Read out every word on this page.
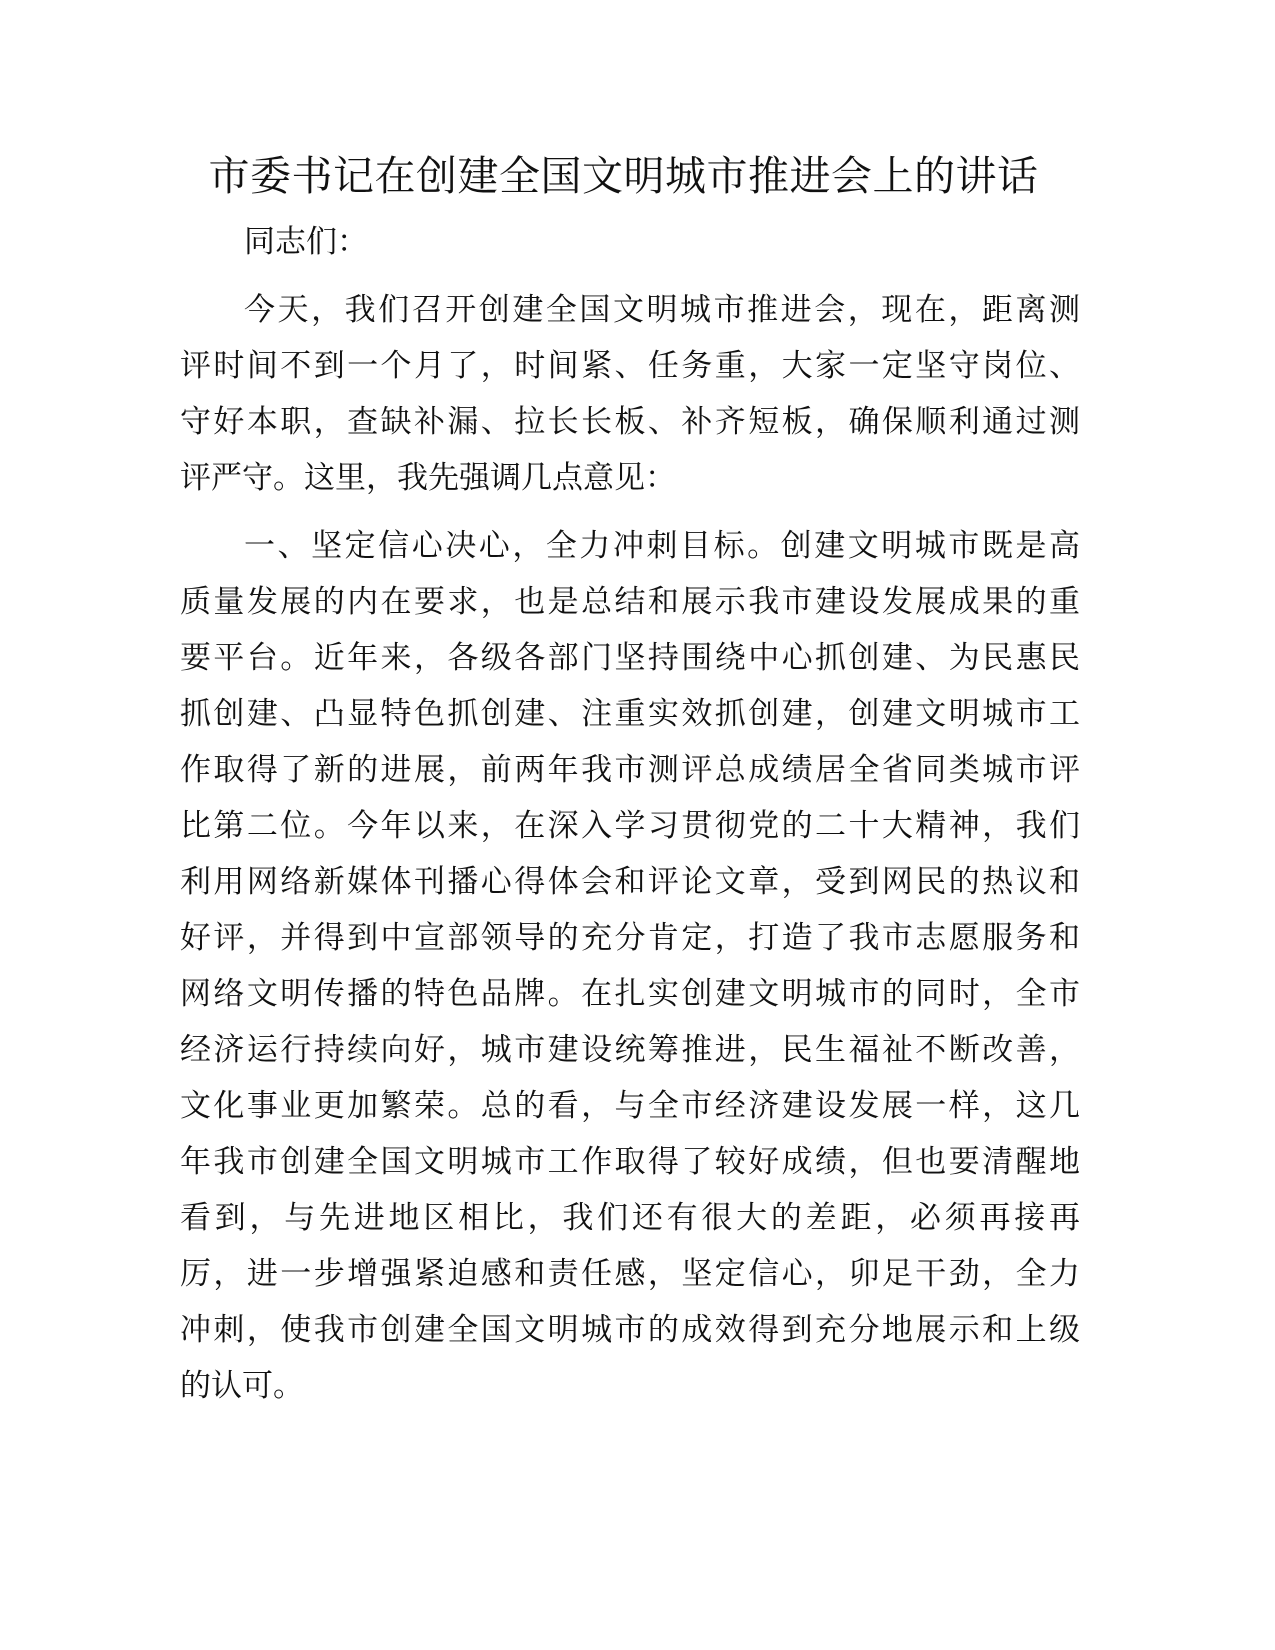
市委书记在创建全国文明城市推进会上的讲话
同志们：
今天，我们召开创建全国文明城市推进会，现在，距离测
评时间不到一个月了，时间紧、任务重，大家一定坚守岗位、
守好本职，查缺补漏、拉长长板、补齐短板，确保顺利通过测
评严守。这里，我先强调几点意见：
一、坚定信心决心，全力冲刺目标。创建文明城市既是高
质量发展的内在要求，也是总结和展示我市建设发展成果的重
要平台。近年来，各级各部门坚持围绕中心抓创建、为民惠民
抓创建、凸显特色抓创建、注重实效抓创建，创建文明城市工
作取得了新的进展，前两年我市测评总成绩居全省同类城市评
比第二位。今年以来，在深入学习贯彻党的二十大精神，我们
利用网络新媒体刊播心得体会和评论文章，受到网民的热议和
好评，并得到中宣部领导的充分肯定，打造了我市志愿服务和
网络文明传播的特色品牌。在扎实创建文明城市的同时，全市
经济运行持续向好，城市建设统筹推进，民生福祉不断改善，
文化事业更加繁荣。总的看，与全市经济建设发展一样，这几
年我市创建全国文明城市工作取得了较好成绩，但也要清醒地
看到，与先进地区相比，我们还有很大的差距，必须再接再
厉，进一步增强紧迫感和责任感，坚定信心，卯足干劲，全力
冲刺，使我市创建全国文明城市的成效得到充分地展示和上级
的认可。
